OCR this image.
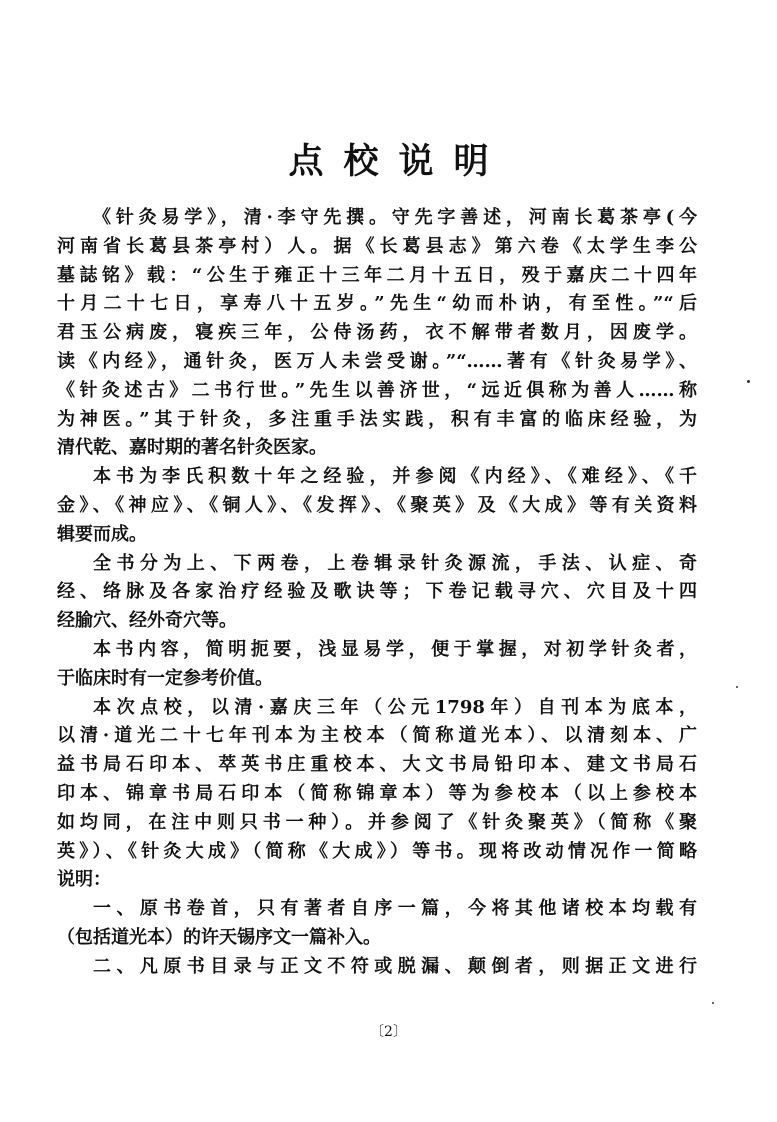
点校说明
《针灸易学》，清·李守先撰。守先字善述，河南长葛茶亭(今
河南省长葛县茶亭村）人。据《长葛县志》第六卷《太学生李公
墓誌铭》载：“公生于雍正十三年二月十五日，殁于嘉庆二十四年
十月二十七日，享寿八十五岁。”先生“幼而朴讷，有至性。”“后
君玉公病废，寝疾三年，公侍汤药，衣不解带者数月，因废学。
读《内经》，通针灸，医万人未尝受谢。”“……著有《针灸易学》、
《针灸述古》二书行世。”先生以善济世，“远近俱称为善人……称
为神医。”其于针灸，多注重手法实践，积有丰富的临床经验，为
清代乾、嘉时期的著名针灸医家。
本书为李氏积数十年之经验，并参阅《内经》、《难经》、《千
金》、《神应》、《铜人》、《发挥》、《聚英》及《大成》等有关资料
辑要而成。
全书分为上、下两卷，上卷辑录针灸源流，手法、认症、奇
经、络脉及各家治疗经验及歌诀等；下卷记载寻穴、穴目及十四
经腧穴、经外奇穴等。
本书内容，简明扼要，浅显易学，便于掌握，对初学针灸者，
于临床时有一定参考价值。
本次点校，以清·嘉庆三年（公元1798年）自刊本为底本，
以清·道光二十七年刊本为主校本（简称道光本）、以清刻本、广
益书局石印本、萃英书庄重校本、大文书局铅印本、建文书局石
印本、锦章书局石印本（简称锦章本）等为参校本（以上参校本
如均同，在注中则只书一种）。并参阅了《针灸聚英》（简称《聚
英》）、《针灸大成》（简称《大成》）等书。现将改动情况作一简略
说明：
一、原书卷首，只有著者自序一篇，今将其他诸校本均载有
（包括道光本）的许天锡序文一篇补入。
二、凡原书目录与正文不符或脱漏、颠倒者，则据正文进行
〔2〕
